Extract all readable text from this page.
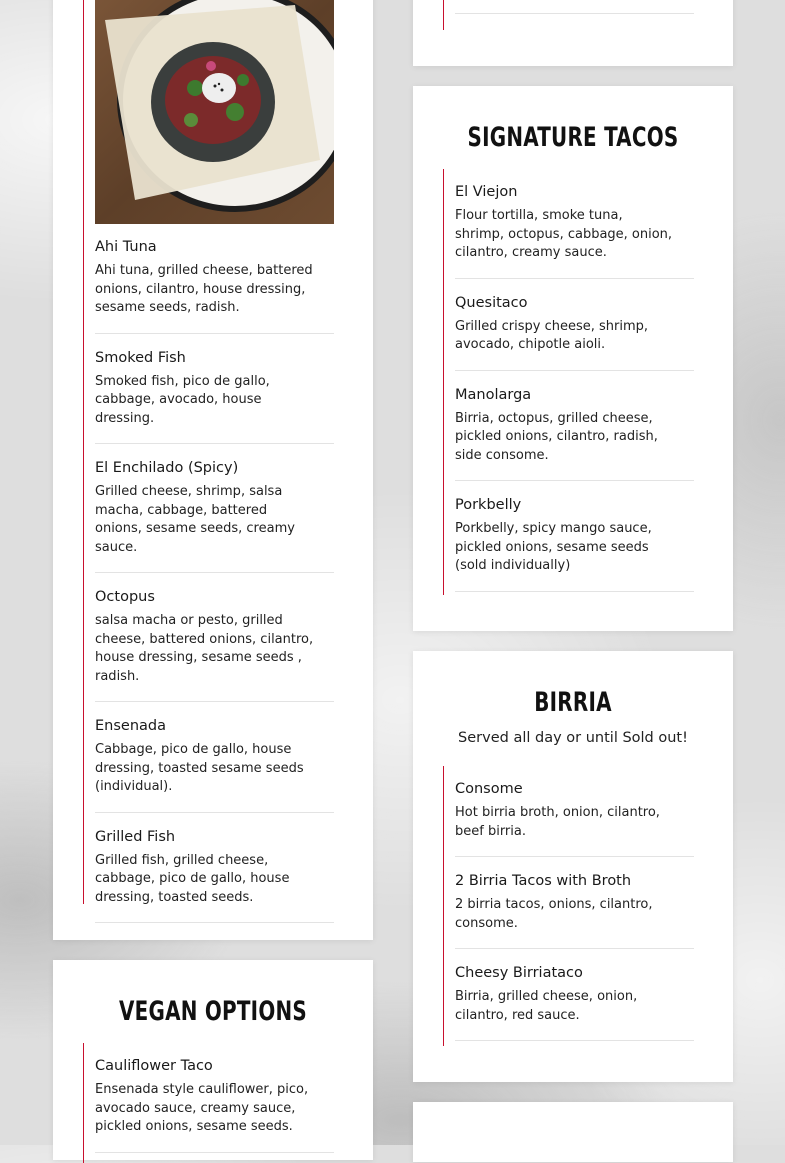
Ahi Tuna

Ahi tuna, grilled cheese, battered onions, cilantro, house dressing, sesame seeds, radish.

Smoked Fish

Smoked fish, pico de gallo, cabbage, avocado, house dressing.

El Enchilado (Spicy)

Grilled cheese, shrimp, salsa macha, cabbage, battered onions, sesame seeds, creamy sauce.

Octopus

salsa macha or pesto, grilled cheese, battered onions, cilantro, house dressing, sesame seeds , radish.

Ensenada

Cabbage, pico de gallo, house dressing, toasted sesame seeds (individual).

Grilled Fish

Grilled fish, grilled cheese, cabbage, pico de gallo, house dressing, toasted seeds.

VEGAN OPTIONS

Cauliflower Taco

Ensenada style cauliflower, pico, avocado sauce, creamy sauce, pickled onions, sesame seeds.

SIGNATURE TACOS

El Viejon

Flour tortilla, smoke tuna, shrimp, octopus, cabbage, onion, cilantro, creamy sauce.

Quesitaco

Grilled crispy cheese, shrimp, avocado, chipotle aioli.

Manolarga

Birria, octopus, grilled cheese, pickled onions, cilantro, radish, side consome.

Porkbelly

Porkbelly, spicy mango sauce, pickled onions, sesame seeds (sold individually)

BIRRIA
Served all day or until Sold out!

Consome

Hot birria broth, onion, cilantro, beef birria.

2 Birria Tacos with Broth

2 birria tacos, onions, cilantro, consome.

Cheesy Birriataco

Birria, grilled cheese, onion, cilantro, red sauce.
